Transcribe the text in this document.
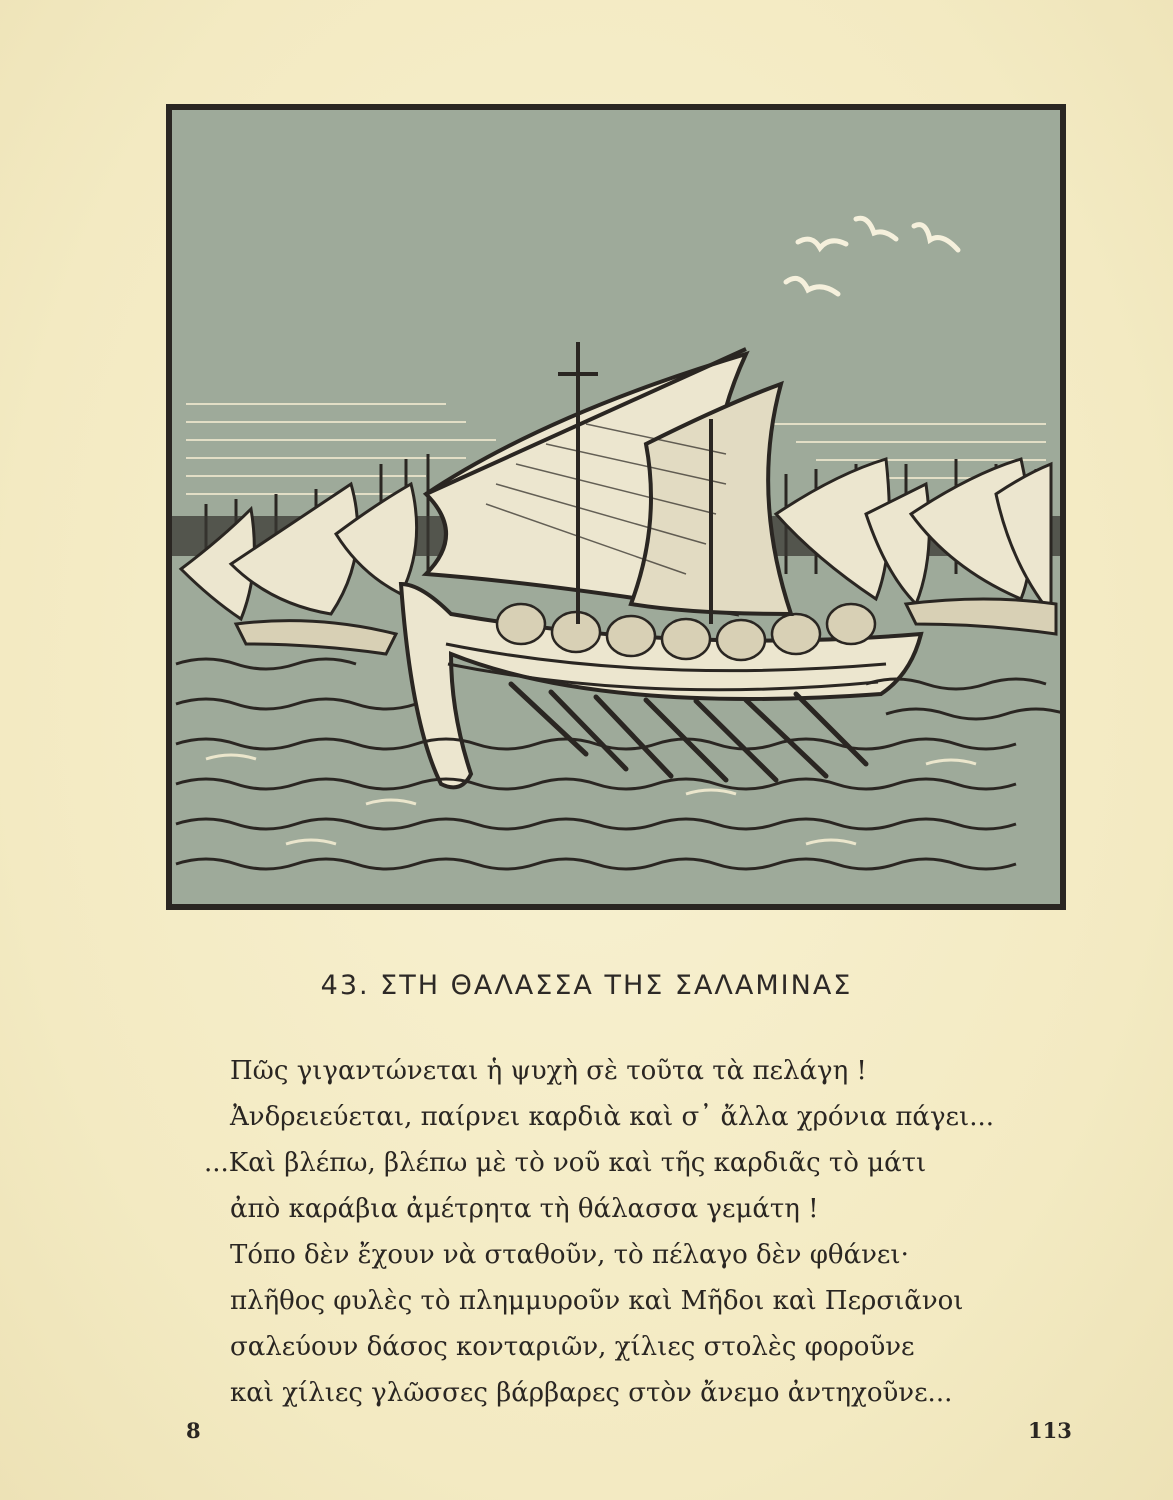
43. ΣΤΗ ΘΑΛΑΣΣΑ ΤΗΣ ΣΑΛΑΜΙΝΑΣ
Πῶς γιγαντώνεται ἡ ψυχὴ σὲ τοῦτα τὰ πελάγη !
Ἀνδρειεύεται, παίρνει καρδιὰ καὶ σ᾽ ἄλλα χρόνια πάγει...
...Καὶ βλέπω, βλέπω μὲ τὸ νοῦ καὶ τῆς καρδιᾶς τὸ μάτι
ἀπὸ καράβια ἀμέτρητα τὴ θάλασσα γεμάτη !
Τόπο δὲν ἔχουν νὰ σταθοῦν, τὸ πέλαγο δὲν φθάνει·
πλῆθος φυλὲς τὸ πλημμυροῦν καὶ Μῆδοι καὶ Περσιᾶνοι
σαλεύουν δάσος κονταριῶν, χίλιες στολὲς φοροῦνε
καὶ χίλιες γλῶσσες βάρβαρες στὸν ἄνεμο ἀντηχοῦνε...
8	113
